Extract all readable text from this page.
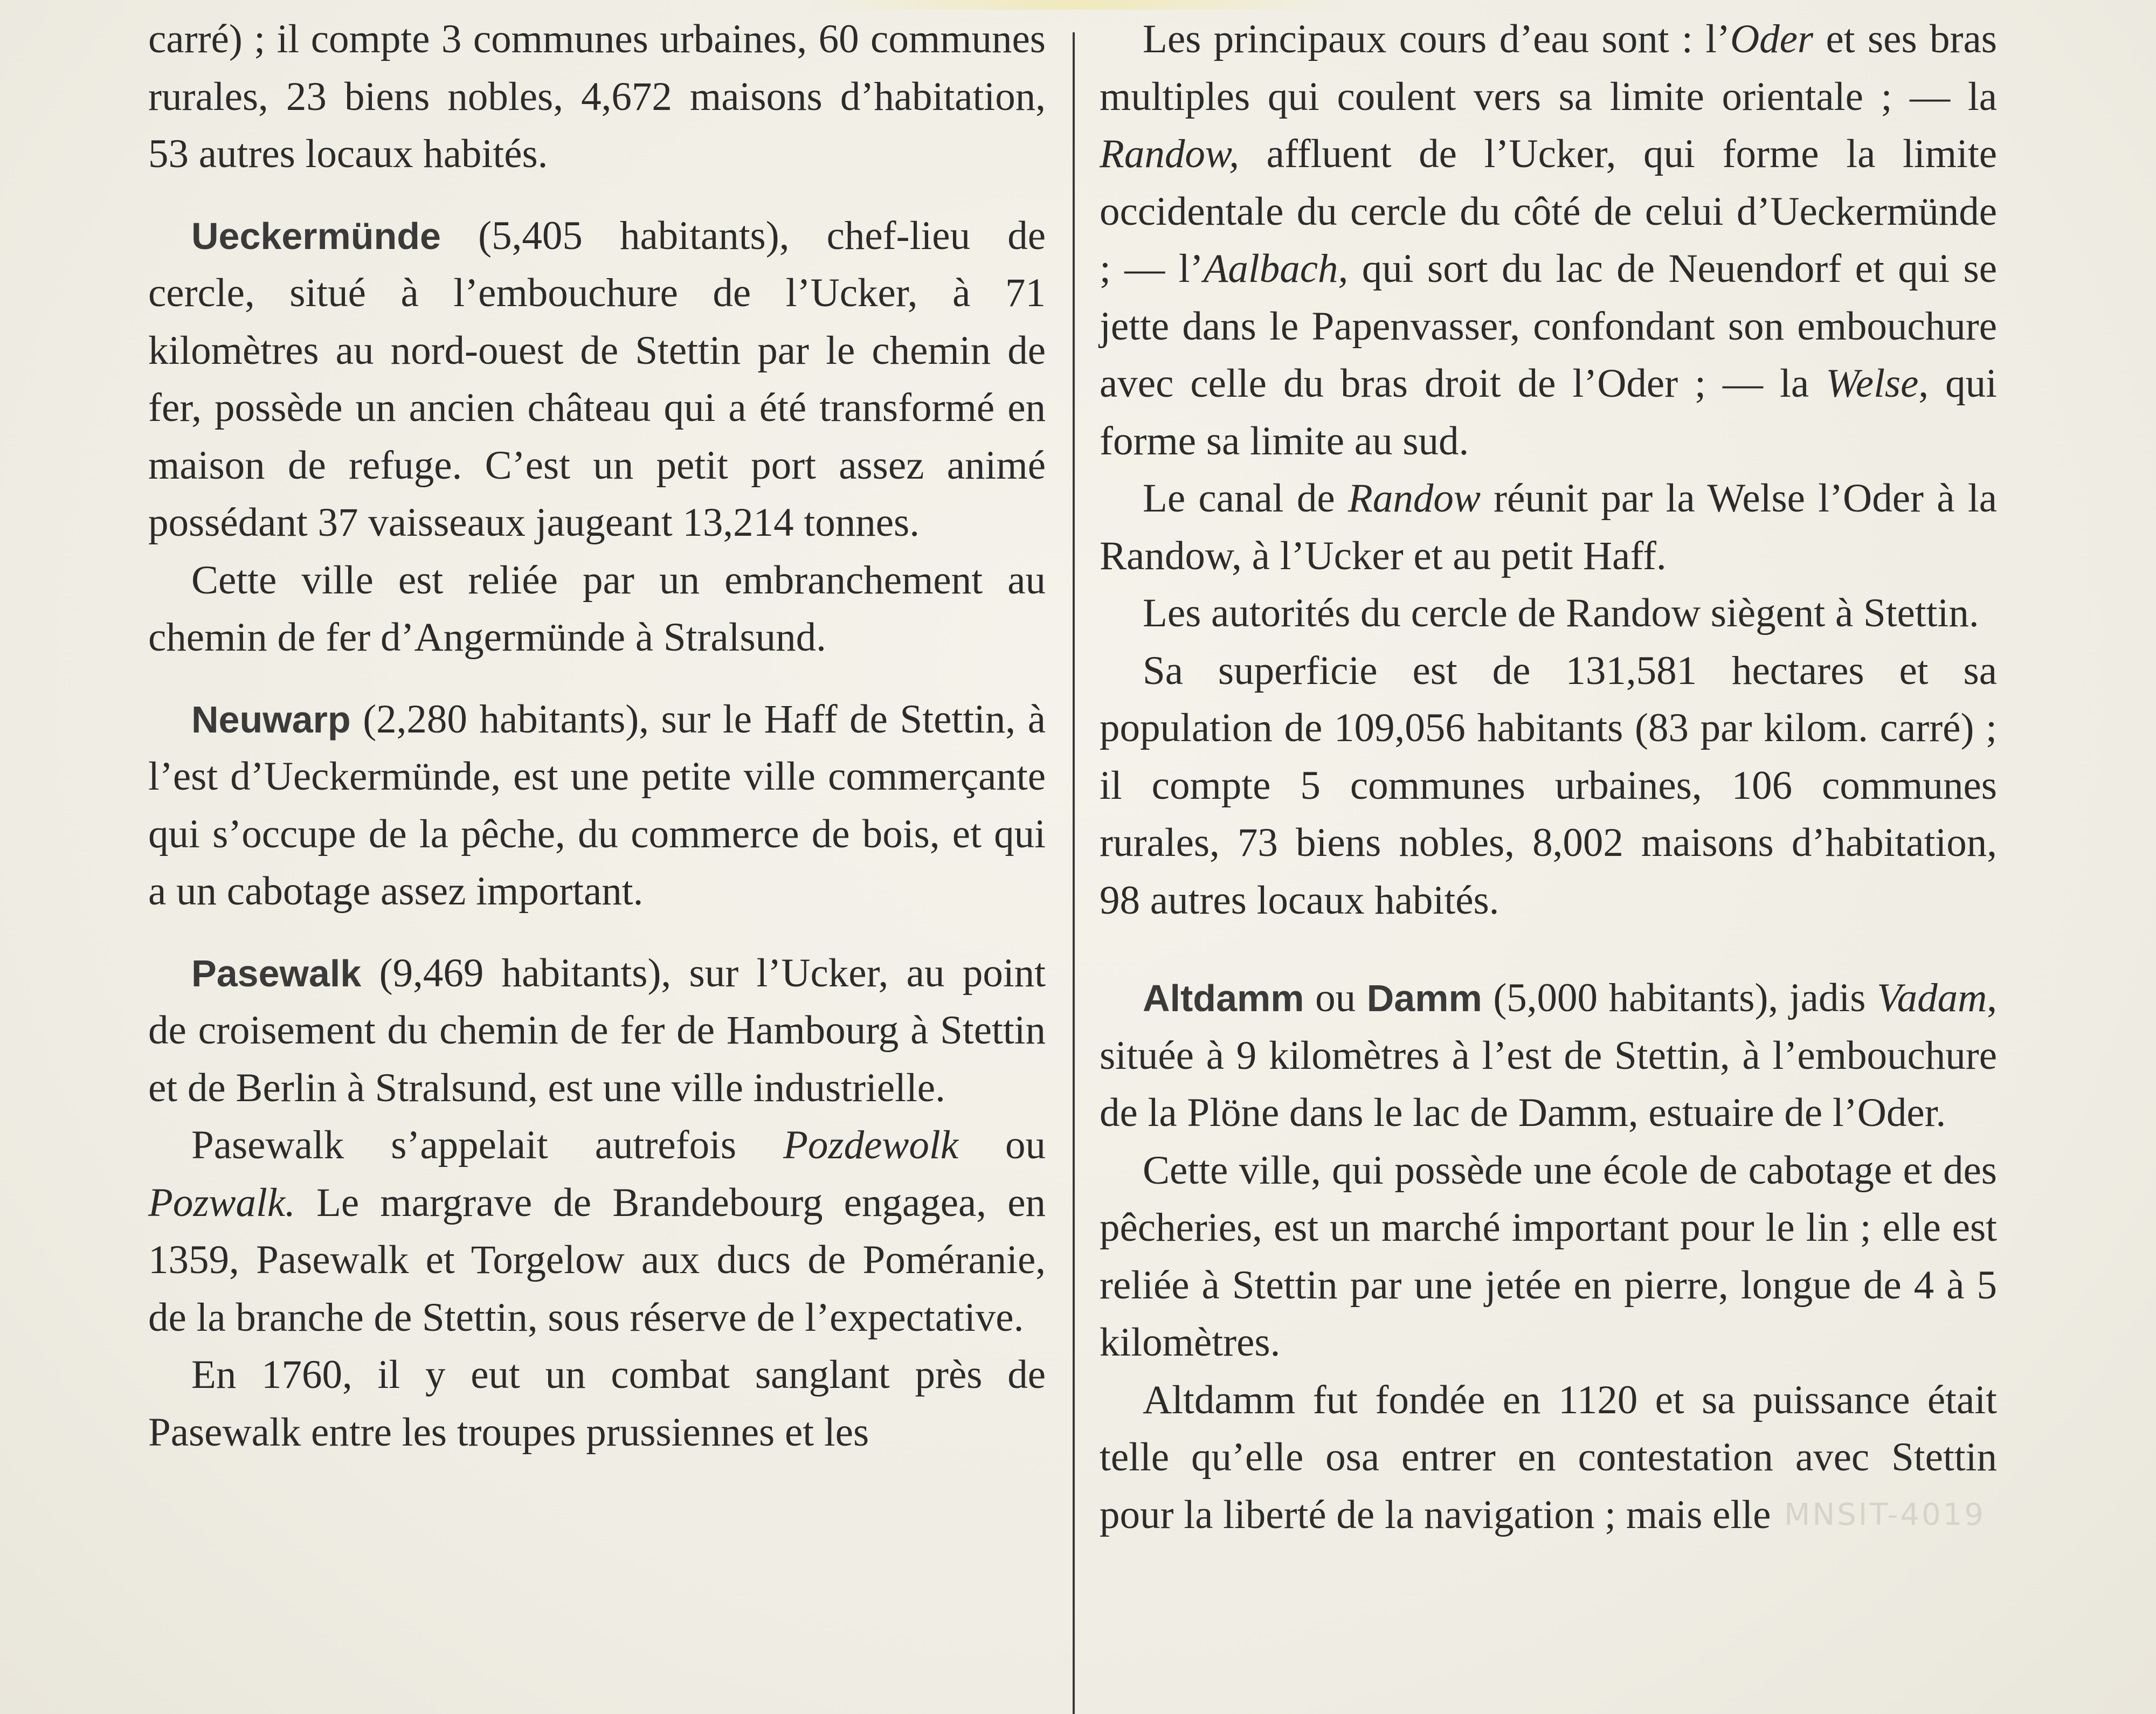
carré) ; il compte 3 communes urbaines, 60 communes rurales, 23 biens nobles, 4,672 maisons d’habitation, 53 autres locaux habités.

Ueckermünde (5,405 habitants), chef-lieu de cercle, situé à l’embouchure de l’Ucker, à 71 kilomètres au nord-ouest de Stettin par le chemin de fer, possède un ancien château qui a été transformé en maison de refuge. C’est un petit port assez animé possédant 37 vaisseaux jaugeant 13,214 tonnes.

Cette ville est reliée par un embranchement au chemin de fer d’Angermünde à Stralsund.

Neuwarp (2,280 habitants), sur le Haff de Stettin, à l’est d’Ueckermünde, est une petite ville commerçante qui s’occupe de la pêche, du commerce de bois, et qui a un cabotage assez important.

Pasewalk (9,469 habitants), sur l’Ucker, au point de croisement du chemin de fer de Hambourg à Stettin et de Berlin à Stralsund, est une ville industrielle.

Pasewalk s’appelait autrefois Pozdewolk ou Pozwalk. Le margrave de Brandebourg engagea, en 1359, Pasewalk et Torgelow aux ducs de Poméranie, de la branche de Stettin, sous réserve de l’expectative.

En 1760, il y eut un combat sanglant près de Pasewalk entre les troupes prussiennes et les

Les principaux cours d’eau sont : l’Oder et ses bras multiples qui coulent vers sa limite orientale ; — la Randow, affluent de l’Ucker, qui forme la limite occidentale du cercle du côté de celui d’Ueckermünde ; — l’Aalbach, qui sort du lac de Neuendorf et qui se jette dans le Papenvasser, confondant son embouchure avec celle du bras droit de l’Oder ; — la Welse, qui forme sa limite au sud.

Le canal de Randow réunit par la Welse l’Oder à la Randow, à l’Ucker et au petit Haff.

Les autorités du cercle de Randow siègent à Stettin.

Sa superficie est de 131,581 hectares et sa population de 109,056 habitants (83 par kilom. carré) ; il compte 5 communes urbaines, 106 communes rurales, 73 biens nobles, 8,002 maisons d’habitation, 98 autres locaux habités.

Altdamm ou Damm (5,000 habitants), jadis Vadam, située à 9 kilomètres à l’est de Stettin, à l’embouchure de la Plöne dans le lac de Damm, estuaire de l’Oder.

Cette ville, qui possède une école de cabotage et des pêcheries, est un marché important pour le lin ; elle est reliée à Stettin par une jetée en pierre, longue de 4 à 5 kilomètres.

Altdamm fut fondée en 1120 et sa puissance était telle qu’elle osa entrer en contestation avec Stettin pour la liberté de la navigation ; mais elle MNSIT-4019
